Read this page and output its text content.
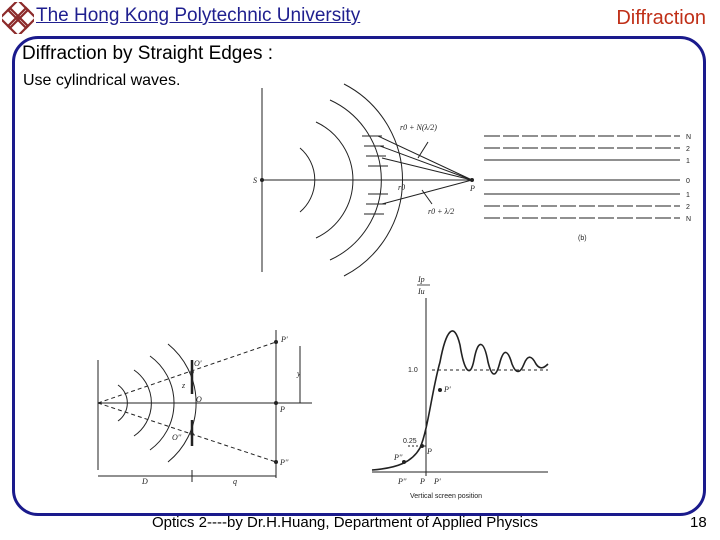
The Hong Kong Polytechnic University	Diffraction
Diffraction by Straight Edges :
Use cylindrical waves.
S
P
r0
r0 + N(λ/2)
r0 + λ/2
N
2
1
0
1
2
N
(b)
P'
P
P''
O'
O
O''
y
z
D	q
Ip
Iu
1.0
0.25
P'
P
P''
P'' P P'
Vertical screen position
Optics 2----by Dr.H.Huang, Department of Applied Physics	18
